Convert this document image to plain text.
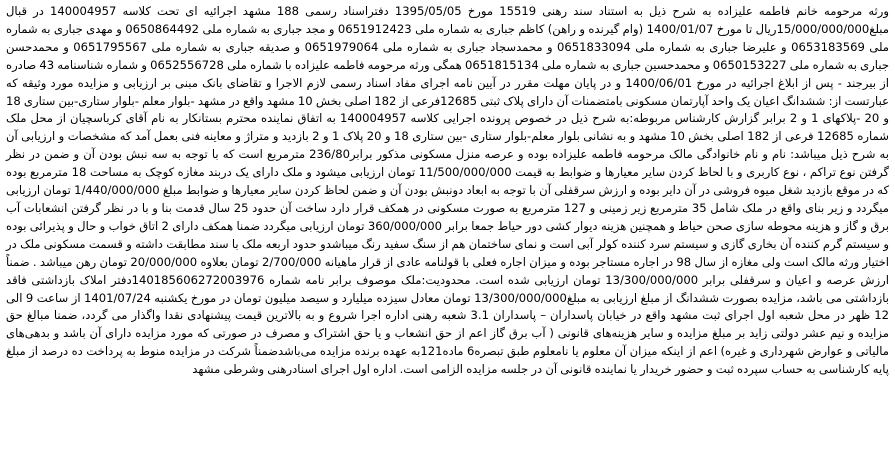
ورثه مرحومه خانم فاطمه علیزاده به شرح ذیل به استناد سند رهنی 15519 مورخ 1395/05/05 دفتراسناد رسمی 188 مشهد اجرائیه ای تحت کلاسه 140004957 در قبال مبلغ15/000/000/000ریال تا مورخ 1400/01/07 (وام گیرنده و راهن) کاظم جباری به شماره ملی 0651912423 و مجد جباری به شماره ملی 0650864492 و مهدی جباری به شماره ملی 0653183569 و علیرضا جباری به شماره ملی 0651833094 و محمدسجاد جباری به شماره ملی 0651979064 و صدیقه جباری به شماره ملی 0651795567 و محمدحسن جباری به شماره ملی 0650153227 و محمدحسین جباری به شماره ملی 0651815134 همگی ورثه مرحومه فاطمه علیزاده با شماره ملی 0652556728 و شماره شناسنامه 43 صادره از بیرجند - پس از ابلاغ اجرائیه در مورخ 1400/06/01 و در پایان مهلت مقرر در آیین نامه اجرای مفاد اسناد رسمی لازم الاجرا و تقاضای بانک مبنی بر ارزیابی و مزایده مورد وثیقه که عبارتست از: ششدانگ اعیان یک واحد آپارتمان مسکونی بامتضمنات آن دارای پلاک ثبتی 12685فرعی از 182 اصلی بخش 10 مشهد واقع در مشهد -بلوار معلم -بلوار ستاری-بین ستاری 18 و 20 -پلاکهای 1 و 2 برابر گزارش کارشناس مربوطه:به شرح ذیل در خصوص پرونده اجرایی کلاسه 140004957 به اتفاق نماینده محترم بستانکار به نام آقای کرباسچیان از محل ملک شماره 12685 فرعی از 182 اصلی بخش 10 مشهد و به نشانی بلوار معلم-بلوار ستاری -بین ستاری 18 و 20 پلاک 1 و 2 بازدید و متراژ و معاینه فنی بعمل آمد که مشخصات و ارزیابی آن به شرح ذیل میباشد: نام و نام خانوادگی مالک مرحومه فاطمه علیزاده بوده و عرصه منزل مسکونی مذکور برابر236/80 مترمربع است که با توجه به سه نبش بودن آن و ضمن در نظر گرفتن نوع تراکم ، نوع کاربری و با لحاظ کردن سایر معیارها و ضوابط به قیمت 11/500/000/000 تومان ارزیابی میشود و ملک دارای یک دربند مغازه کوچک به مساحت 18 مترمربع بوده که در موقع بازدید شغل میوه فروشی در آن دایر بوده و ارزش سرقفلی آن با توجه به ابعاد دونبش بودن آن و ضمن لحاظ کردن سایر معیارها و ضوابط مبلغ 1/440/000/000 تومان ارزیابی میگردد و زیر بنای واقع در ملک شامل 35 مترمربع زیر زمینی و 127 مترمربع به صورت مسکونی در همکف قرار دارد ساخت آن حدود 25 سال قدمت بنا و با در نظر گرفتن انشعابات آب برق و گاز و هزینه محوطه سازی صحن حیاط و همچنین هزینه دیوار کشی دور حیاط جمعا برابر 360/000/000 تومان ارزیابی میگردد ضمنا همکف دارای 2 اتاق خواب و حال و پذیرائی بوده و سیستم گرم کننده آن بخاری گازی و سیستم سرد کننده کولر آبی است و نمای ساختمان هم از سنگ سفید رنگ میباشدو حدود اربعه ملک با سند مطابقت داشته و قسمت مسکونی ملک در اختیار ورثه مالک است ولی مغازه از سال 98 در اجاره مستاجر بوده و میزان اجاره فعلی با قولنامه عادی از قرار ماهیانه 2/700/000 تومان بعلاوه 20/000/000 تومان رهن میباشد . ضمناً ارزش عرصه و اعیان و سرقفلی برابر 13/300/000/000 تومان ارزیابی شده است. محدودیت:ملک موصوف برابر نامه شماره 140185606272003976دفتر املاک بازداشتی فاقد بازداشتی می باشد، مزایده بصورت ششدانگ از مبلغ ارزیابی به مبلغ13/300/000/000 تومان معادل سیزده میلیارد و سیصد میلیون تومان در مورخ یکشنبه 1401/07/24 از ساعت 9 الی 12 ظهر در محل شعبه اول اجرای ثبت مشهد واقع در خیابان پاسداران – پاسداران 3.1 شعبه رهنی اداره اجرا شروع و به بالاترین قیمت پیشنهادی نقدا واگذار می گردد، ضمنا مبالغ حق مزایده و نیم عشر دولتی زاید بر مبلغ مزایده و سایر هزینه‌های قانونی ( آب برق گاز اعم از حق انشعاب و یا حق اشتراک و مصرف در صورتی که مورد مزایده دارای آن باشد و بدهی‌های مالیاتی و عوارض شهرداری و غیره) اعم از اینکه میزان آن معلوم یا نامعلوم طبق تبصره6 ماده121به عهده برنده مزایده می‌باشدضمناً شرکت در مزایده منوط به پرداخت ده درصد از مبلغ پایه کارشناسی به حساب سپرده ثبت و حضور خریدار یا نماینده قانونی آن در جلسه مزایده الزامی است. اداره اول اجرای اسنادرهنی وشرطی مشهد
